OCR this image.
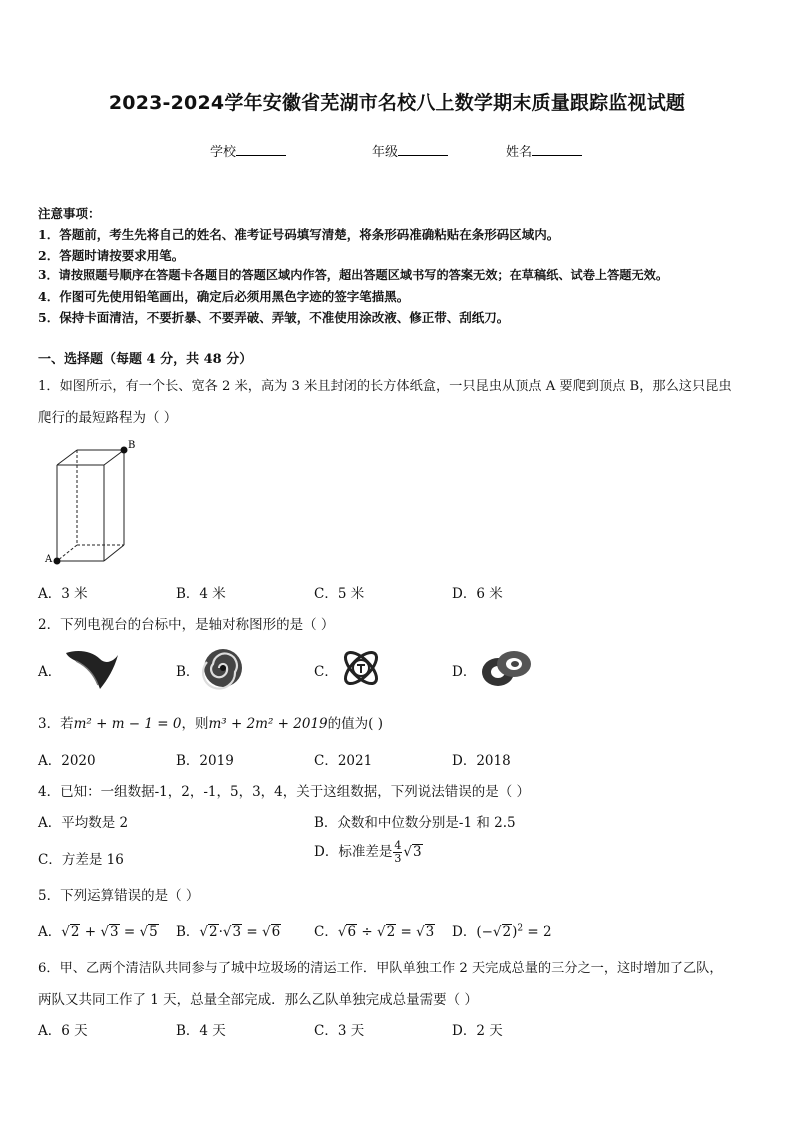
2023-2024学年安徽省芜湖市名校八上数学期末质量跟踪监视试题
学校	年级	姓名
注意事项：
1．答题前，考生先将自己的姓名、准考证号码填写清楚，将条形码准确粘贴在条形码区域内。
2．答题时请按要求用笔。
3．请按照题号顺序在答题卡各题目的答题区域内作答，超出答题区域书写的答案无效；在草稿纸、试卷上答题无效。
4．作图可先使用铅笔画出，确定后必须用黑色字迹的签字笔描黑。
5．保持卡面清洁，不要折暴、不要弄破、弄皱，不准使用涂改液、修正带、刮纸刀。
一、选择题（每题 4 分，共 48 分）
1．如图所示，有一个长、宽各 2 米，高为 3 米且封闭的长方体纸盒，一只昆虫从顶点 A 要爬到顶点 B，那么这只昆虫
爬行的最短路程为（ ）
B
A
A．3 米	B．4 米	C．5 米	D．6 米
2．下列电视台的台标中，是轴对称图形的是（ ）
A．	B．	C．	D．
3．若m² + m − 1 = 0，则m³ + 2m² + 2019的值为( )
A．2020	B．2019	C．2021	D．2018
4．已知：一组数据-1，2，-1，5，3，4，关于这组数据，下列说法错误的是（ ）
A．平均数是 2	B．众数和中位数分别是-1 和 2.5
C．方差是 16	D．标准差是 $\frac{4}{3} √3$
5．下列运算错误的是（ ）
A．√2 + √3 = √5 B．√2·√3 = √6	C．√6 ÷ √2 = √3 D．$(-√2)^2 = 2$
6．甲、乙两个清洁队共同参与了城中垃圾场的清运工作．甲队单独工作 2 天完成总量的三分之一，这时增加了乙队，
两队又共同工作了 1 天，总量全部完成．那么乙队单独完成总量需要（ ）
A．6 天	B．4 天	C．3 天	D．2 天
